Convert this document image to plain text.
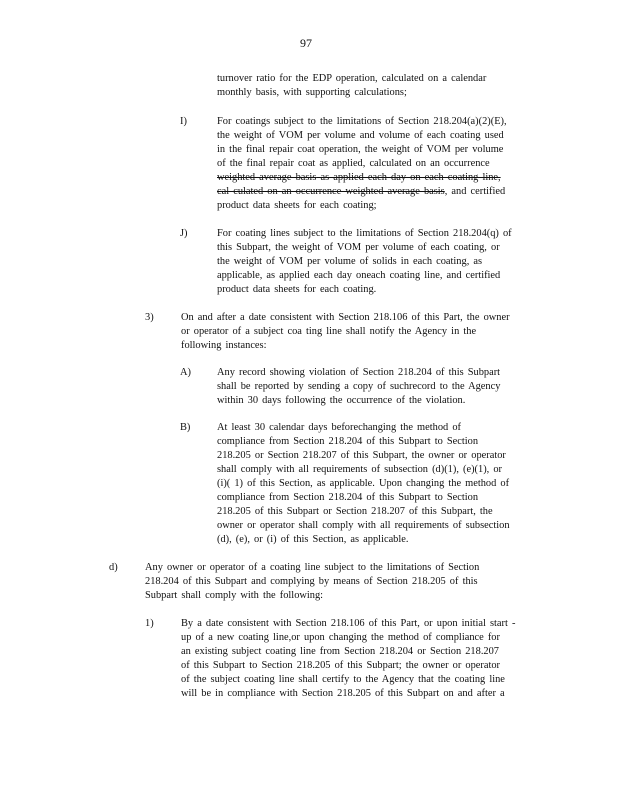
97
turnover ratio for the EDP operation, calculated on a calendar
monthly basis, with supporting calculations;
I)	For coatings subject to the limitations of Section 218.204(a)(2)(E),
the weight of VOM per volume and volume of each coating used
in the final repair coat operation, the weight of VOM per volume
of the final repair coat as applied, calculated on an occurrence
weighted average basis as applied each day on each coating line,
cal culated on an occurrence weighted average basis, and certified
product data sheets for each coating;
J)	For coating lines subject to the limitations of Section 218.204(q) of
this Subpart, the weight of VOM per volume of each coating, or
the weight of VOM per volume of solids in each coating, as
applicable, as applied each day oneach coating line, and certified
product data sheets for each coating.
3)	On and after a date consistent with Section 218.106 of this Part, the owner
or operator of a subject coa ting line shall notify the Agency in the
following instances:
A)	Any record showing violation of Section 218.204 of this Subpart
shall be reported by sending a copy of suchrecord to the Agency
within 30 days following the occurrence of the violation.
B)	At least 30 calendar days beforechanging the method of
compliance from Section 218.204 of this Subpart to Section
218.205 or Section 218.207 of this Subpart, the owner or operator
shall comply with all requirements of subsection (d)(1), (e)(1), or
(i)( 1) of this Section, as applicable. Upon changing the method of
compliance from Section 218.204 of this Subpart to Section
218.205 of this Subpart or Section 218.207 of this Subpart, the
owner or operator shall comply with all requirements of subsection
(d), (e), or (i) of this Section, as applicable.
d)	Any owner or operator of a coating line subject to the limitations of Section
218.204 of this Subpart and complying by means of Section 218.205 of this
Subpart shall comply with the following:
1)	By a date consistent with Section 218.106 of this Part, or upon initial start -
up of a new coating line,or upon changing the method of compliance for
an existing subject coating line from Section 218.204 or Section 218.207
of this Subpart to Section 218.205 of this Subpart; the owner or operator
of the subject coating line shall certify to the Agency that the coating line
will be in compliance with Section 218.205 of this Subpart on and after a
